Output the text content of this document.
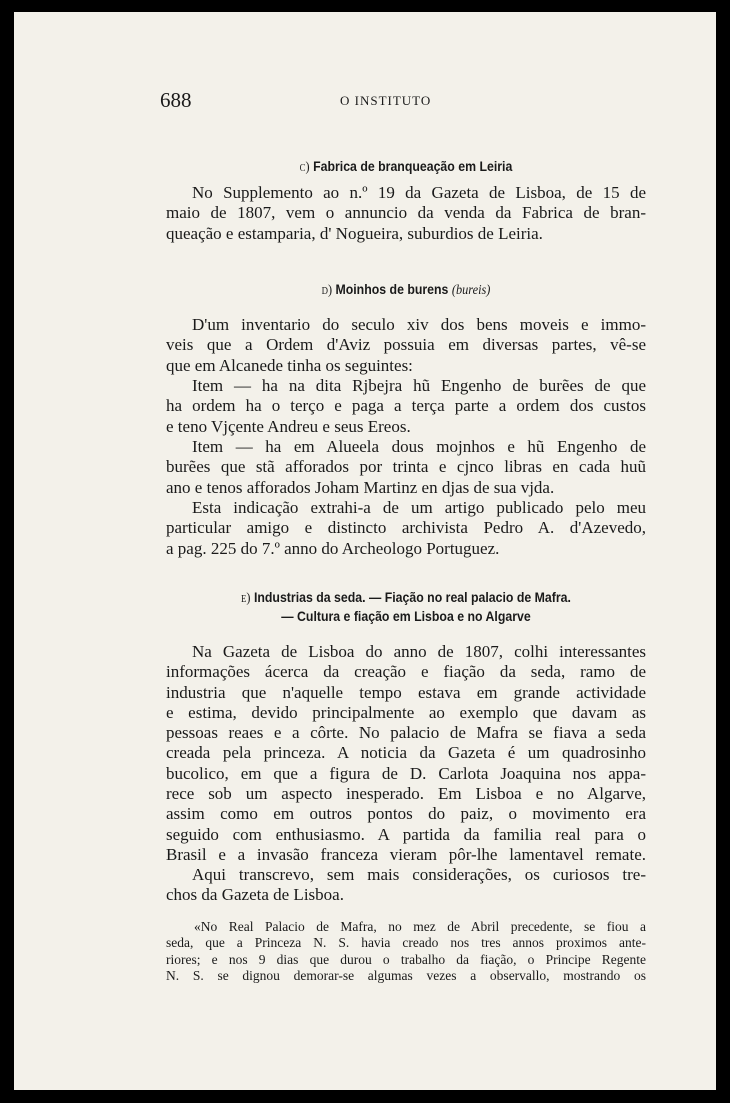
688	O INSTITUTO
c) Fabrica de branqueação em Leiria
No Supplemento ao n.º 19 da Gazeta de Lisboa, de 15 de
maio de 1807, vem o annuncio da venda da Fabrica de bran-
queação e estamparia, d' Nogueira, suburdios de Leiria.
d) Moinhos de burens (bureis)
D'um inventario do seculo xiv dos bens moveis e immo-
veis que a Ordem d'Aviz possuia em diversas partes, vê-se
que em Alcanede tinha os seguintes:
Item — ha na dita Rjbejra hũ Engenho de burẽes de que
ha ordem ha o terço e paga a terça parte a ordem dos custos
e teno Vjçente Andreu e seus Ereos.
Item — ha em Alueela dous mojnhos e hũ Engenho de
burẽes que stã afforados por trinta e cjnco libras en cada huũ
ano e tenos afforados Joham Martinz en djas de sua vjda.
Esta indicação extrahi-a de um artigo publicado pelo meu
particular amigo e distincto archivista Pedro A. d'Azevedo,
a pag. 225 do 7.º anno do Archeologo Portuguez.
e) Industrias da seda. — Fiação no real palacio de Mafra.
— Cultura e fiação em Lisboa e no Algarve
Na Gazeta de Lisboa do anno de 1807, colhi interessantes
informações ácerca da creação e fiação da seda, ramo de
industria que n'aquelle tempo estava em grande actividade
e estima, devido principalmente ao exemplo que davam as
pessoas reaes e a côrte. No palacio de Mafra se fiava a seda
creada pela princeza. A noticia da Gazeta é um quadrosinho
bucolico, em que a figura de D. Carlota Joaquina nos appa-
rece sob um aspecto inesperado. Em Lisboa e no Algarve,
assim como em outros pontos do paiz, o movimento era
seguido com enthusiasmo. A partida da familia real para o
Brasil e a invasão franceza vieram pôr-lhe lamentavel remate.
Aqui transcrevo, sem mais considerações, os curiosos tre-
chos da Gazeta de Lisboa.
«No Real Palacio de Mafra, no mez de Abril precedente, se fiou a
seda, que a Princeza N. S. havia creado nos tres annos proximos ante-
riores; e nos 9 dias que durou o trabalho da fiação, o Principe Regente
N. S. se dignou demorar-se algumas vezes a observallo, mostrando os
